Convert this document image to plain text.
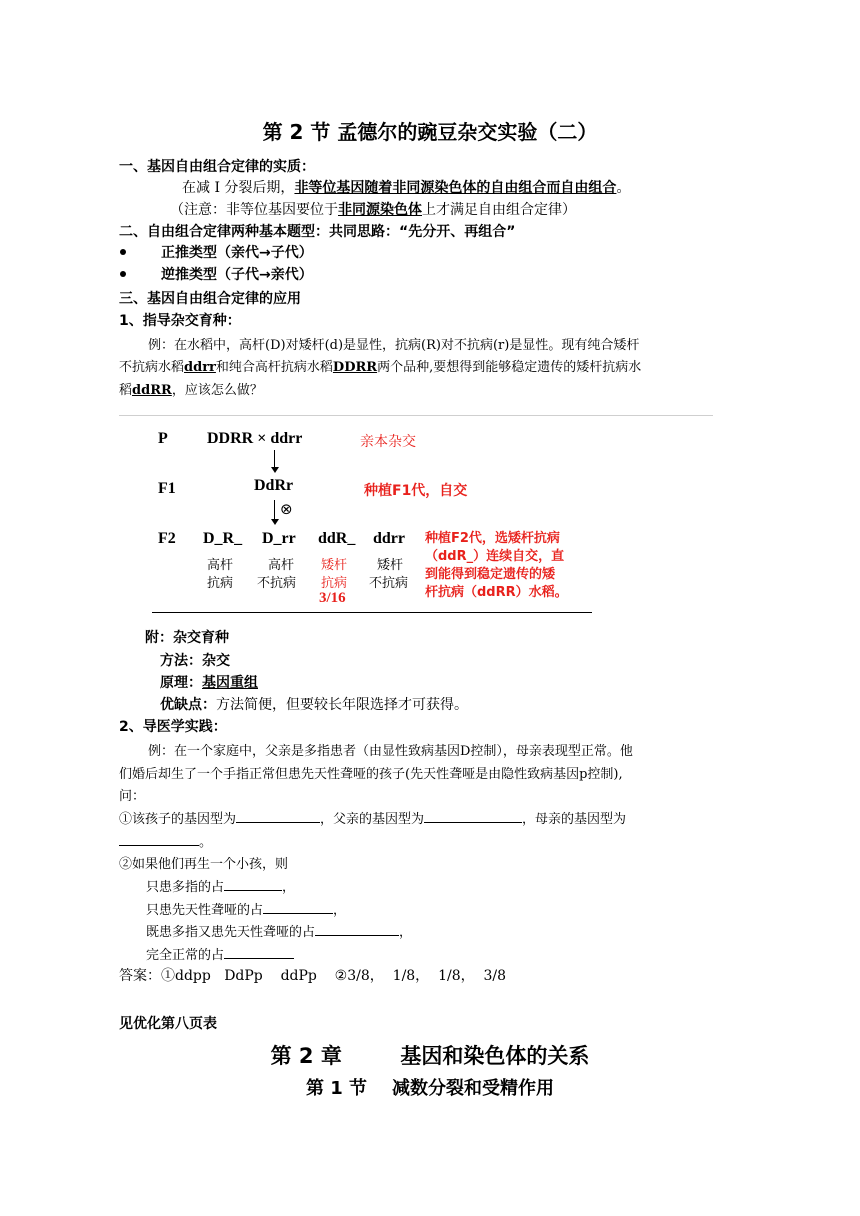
第 2 节 孟德尔的豌豆杂交实验（二）
一、基因自由组合定律的实质：
在减 I 分裂后期，非等位基因随着非同源染色体的自由组合而自由组合。
（注意：非等位基因要位于非同源染色体上才满足自由组合定律）
二、自由组合定律两种基本题型：共同思路：“先分开、再组合”
正推类型（亲代→子代）
逆推类型（子代→亲代）
三、基因自由组合定律的应用
1、指导杂交育种：
例：在水稻中，高杆(D)对矮杆(d)是显性，抗病(R)对不抗病(r)是显性。现有纯合矮杆
不抗病水稻ddrr和纯合高杆抗病水稻DDRR两个品种,要想得到能够稳定遗传的矮杆抗病水
稻ddRR，应该怎么做？
P DDRR × ddrr	亲本杂交
F1	DdRr	种植F1代，自交
⊗
F2 D_R_ D_rr ddR_ ddrr
高杆	高杆 矮杆 矮杆
抗病 不抗病 抗病 不抗病
3/16
种植F2代，选矮杆抗病
（ddR_）连续自交，直
到能得到稳定遗传的矮
杆抗病（ddRR）水稻。
附：杂交育种
方法：杂交
原理：基因重组
优缺点：方法简便，但要较长年限选择才可获得。
2、导医学实践：
例：在一个家庭中，父亲是多指患者（由显性致病基因D控制），母亲表现型正常。他
们婚后却生了一个手指正常但患先天性聋哑的孩子(先天性聋哑是由隐性致病基因p控制),
问：
①该孩子的基因型为	，父亲的基因型为	，母亲的基因型为
。
②如果他们再生一个小孩，则
只患多指的占	，
只患先天性聋哑的占	，
既患多指又患先天性聋哑的占	，
完全正常的占
答案：①ddpp   DdPp    ddPp    ②3/8，  1/8，  1/8，  3/8
见优化第八页表
第 2 章        基因和染色体的关系
第 1 节    减数分裂和受精作用
